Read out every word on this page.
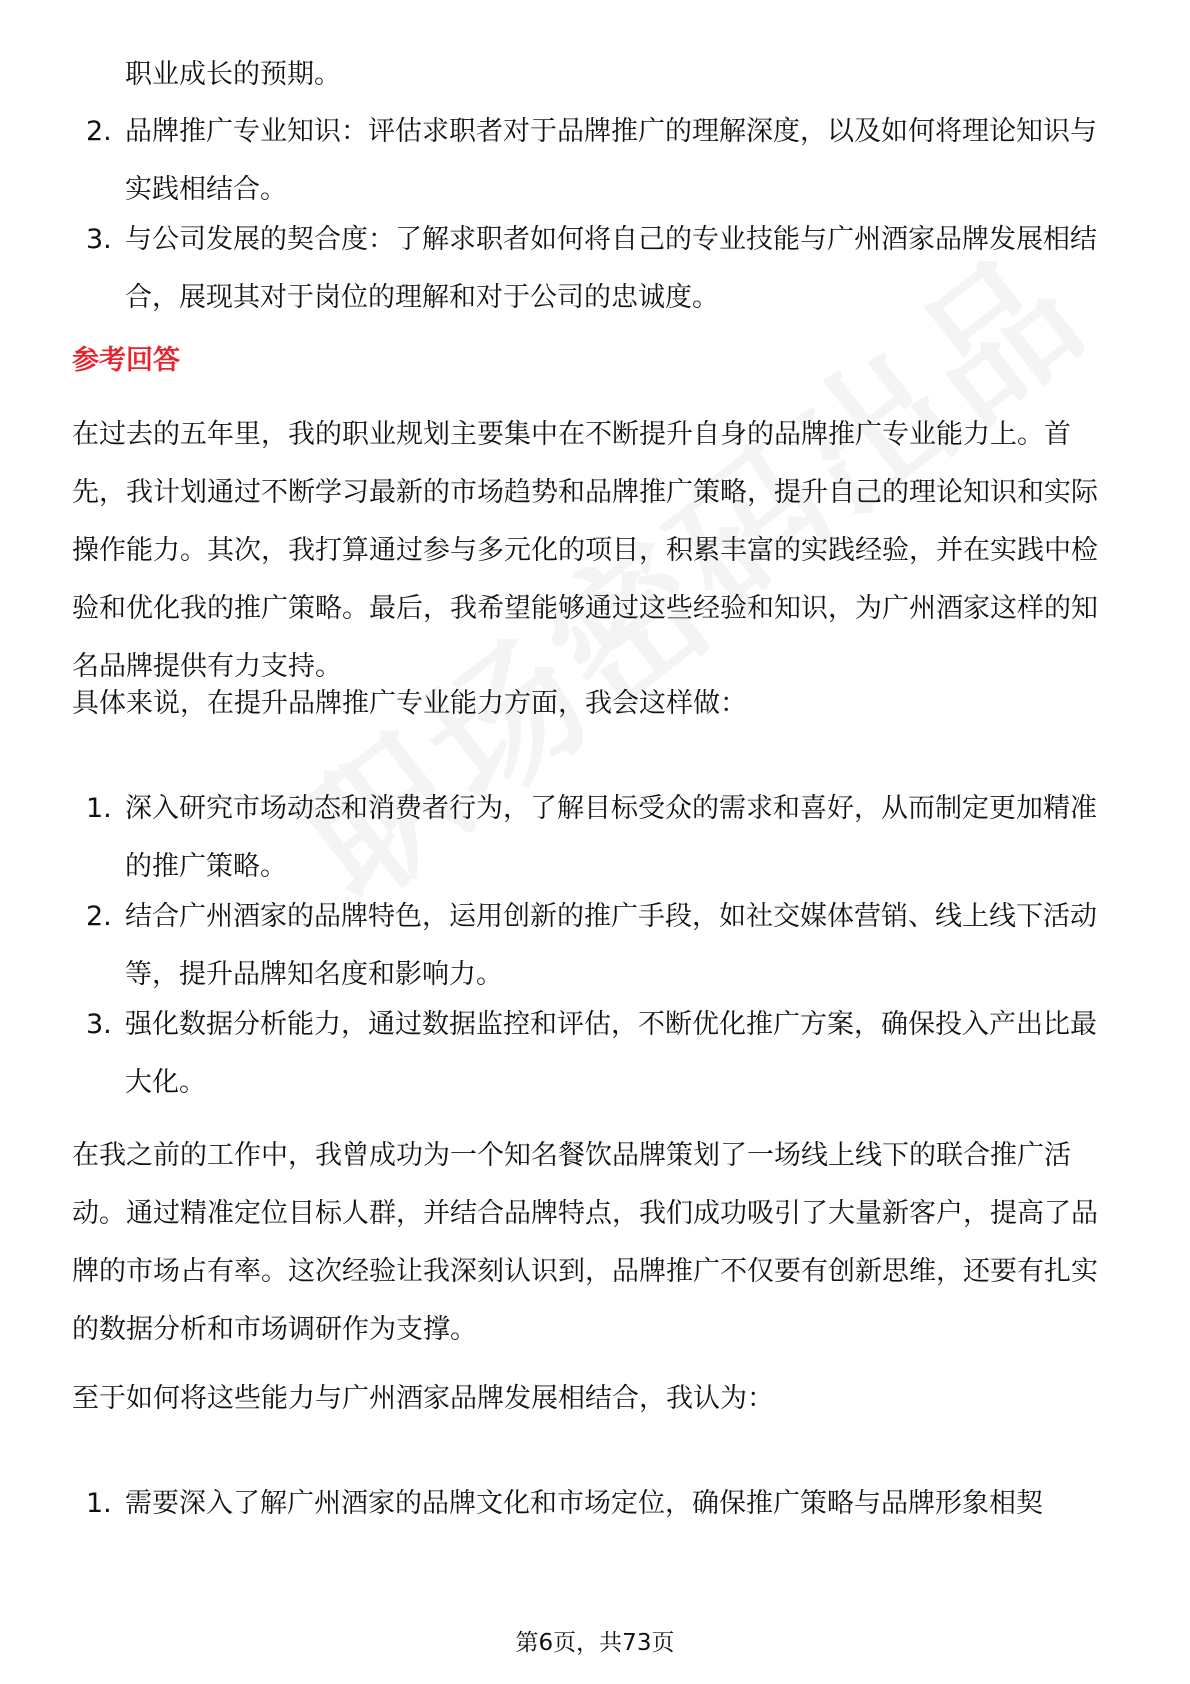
职业成长的预期。

2. 品牌推广专业知识：评估求职者对于品牌推广的理解深度，以及如何将理论知识与实践相结合。
3. 与公司发展的契合度：了解求职者如何将自己的专业技能与广州酒家品牌发展相结合，展现其对于岗位的理解和对于公司的忠诚度。
参考回答

在过去的五年里，我的职业规划主要集中在不断提升自身的品牌推广专业能力上。首先，我计划通过不断学习最新的市场趋势和品牌推广策略，提升自己的理论知识和实际操作能力。其次，我打算通过参与多元化的项目，积累丰富的实践经验，并在实践中检验和优化我的推广策略。最后，我希望能够通过这些经验和知识，为广州酒家这样的知名品牌提供有力支持。

具体来说，在提升品牌推广专业能力方面，我会这样做：

1. 深入研究市场动态和消费者行为，了解目标受众的需求和喜好，从而制定更加精准的推广策略。
2. 结合广州酒家的品牌特色，运用创新的推广手段，如社交媒体营销、线上线下活动等，提升品牌知名度和影响力。
3. 强化数据分析能力，通过数据监控和评估，不断优化推广方案，确保投入产出比最大化。

在我之前的工作中，我曾成功为一个知名餐饮品牌策划了一场线上线下的联合推广活动。通过精准定位目标人群，并结合品牌特点，我们成功吸引了大量新客户，提高了品牌的市场占有率。这次经验让我深刻认识到，品牌推广不仅要有创新思维，还要有扎实的数据分析和市场调研作为支撑。

至于如何将这些能力与广州酒家品牌发展相结合，我认为：

1. 需要深入了解广州酒家的品牌文化和市场定位，确保推广策略与品牌形象相契
第6页，共73页
